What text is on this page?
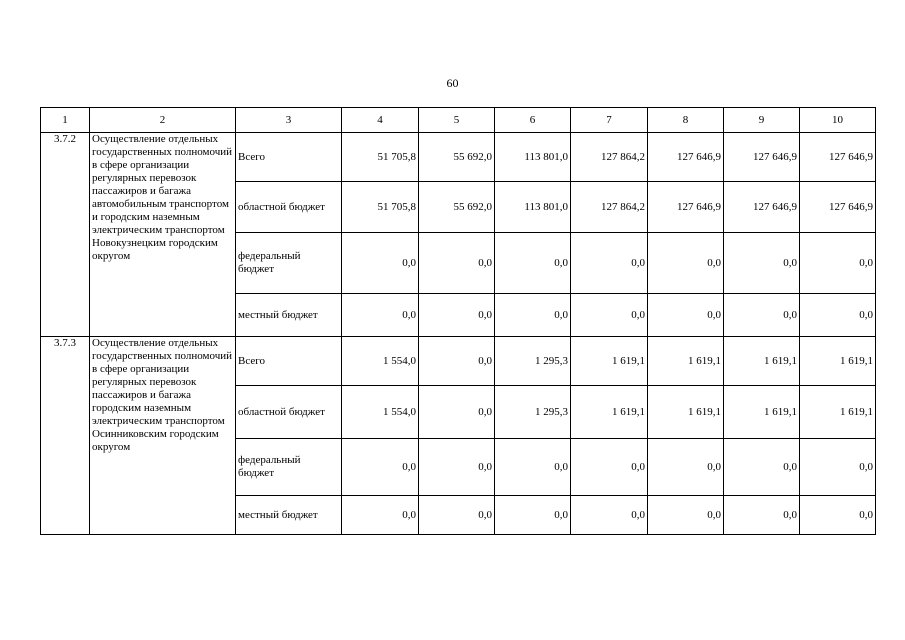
60
1	2	3	4	5	6	7	8	9	10
3.7.2	Осуществление отдельных государственных полномочий в сфере организации регулярных перевозок пассажиров и багажа автомобильным транспортом и городским наземным электрическим транспортом Новокузнецким городским округом	Всего	51 705,8	55 692,0	113 801,0	127 864,2	127 646,9	127 646,9	127 646,9
		областной бюджет	51 705,8	55 692,0	113 801,0	127 864,2	127 646,9	127 646,9	127 646,9
		федеральный бюджет	0,0	0,0	0,0	0,0	0,0	0,0	0,0
		местный бюджет	0,0	0,0	0,0	0,0	0,0	0,0	0,0
3.7.3	Осуществление отдельных государственных полномочий в сфере организации регулярных перевозок пассажиров и багажа городским наземным электрическим транспортом Осинниковским городским округом	Всего	1 554,0	0,0	1 295,3	1 619,1	1 619,1	1 619,1	1 619,1
		областной бюджет	1 554,0	0,0	1 295,3	1 619,1	1 619,1	1 619,1	1 619,1
		федеральный бюджет	0,0	0,0	0,0	0,0	0,0	0,0	0,0
		местный бюджет	0,0	0,0	0,0	0,0	0,0	0,0	0,0
